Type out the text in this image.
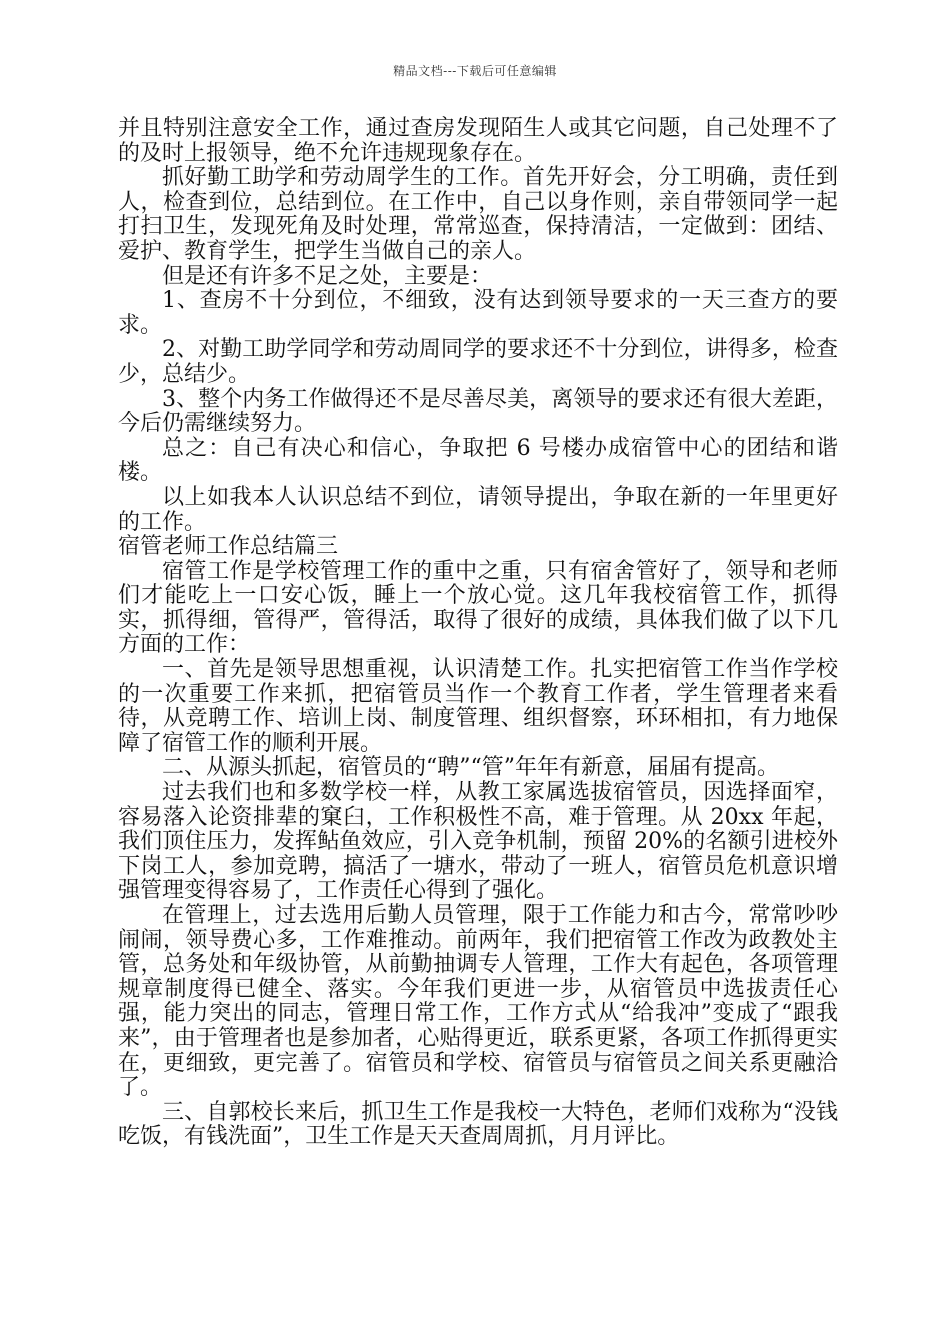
精品文档---下载后可任意编辑

并且特别注意安全工作，通过查房发现陌生人或其它问题，自己处理不了的及时上报领导，绝不允许违规现象存在。

抓好勤工助学和劳动周学生的工作。首先开好会，分工明确，责任到人，检查到位，总结到位。在工作中，自己以身作则，亲自带领同学一起打扫卫生，发现死角及时处理，常常巡查，保持清洁，一定做到：团结、爱护、教育学生，把学生当做自己的亲人。

但是还有许多不足之处，主要是：

1、查房不十分到位，不细致，没有达到领导要求的一天三查方的要求。

2、对勤工助学同学和劳动周同学的要求还不十分到位，讲得多，检查少，总结少。

3、整个内务工作做得还不是尽善尽美，离领导的要求还有很大差距，今后仍需继续努力。

总之：自己有决心和信心，争取把 6 号楼办成宿管中心的团结和谐楼。

以上如我本人认识总结不到位，请领导提出，争取在新的一年里更好的工作。

宿管老师工作总结篇三

宿管工作是学校管理工作的重中之重，只有宿舍管好了，领导和老师们才能吃上一口安心饭，睡上一个放心觉。这几年我校宿管工作，抓得实，抓得细，管得严，管得活，取得了很好的成绩，具体我们做了以下几方面的工作：

一、首先是领导思想重视，认识清楚工作。扎实把宿管工作当作学校的一次重要工作来抓，把宿管员当作一个教育工作者，学生管理者来看待，从竞聘工作、培训上岗、制度管理、组织督察，环环相扣，有力地保障了宿管工作的顺利开展。

二、从源头抓起，宿管员的“聘”“管”年年有新意，届届有提高。

过去我们也和多数学校一样，从教工家属选拔宿管员，因选择面窄，容易落入论资排辈的窠臼，工作积极性不高，难于管理。从 20xx 年起，我们顶住压力，发挥鲇鱼效应，引入竞争机制，预留 20%的名额引进校外下岗工人，参加竞聘，搞活了一塘水，带动了一班人，宿管员危机意识增强管理变得容易了，工作责任心得到了强化。

在管理上，过去选用后勤人员管理，限于工作能力和古今，常常吵吵闹闹，领导费心多，工作难推动。前两年，我们把宿管工作改为政教处主管，总务处和年级协管，从前勤抽调专人管理，工作大有起色，各项管理规章制度得已健全、落实。今年我们更进一步，从宿管员中选拔责任心强，能力突出的同志，管理日常工作，工作方式从“给我冲”变成了“跟我来”，由于管理者也是参加者，心贴得更近，联系更紧，各项工作抓得更实在，更细致，更完善了。宿管员和学校、宿管员与宿管员之间关系更融洽了。

三、自郭校长来后，抓卫生工作是我校一大特色，老师们戏称为“没钱吃饭，有钱洗面”，卫生工作是天天查周周抓，月月评比。
